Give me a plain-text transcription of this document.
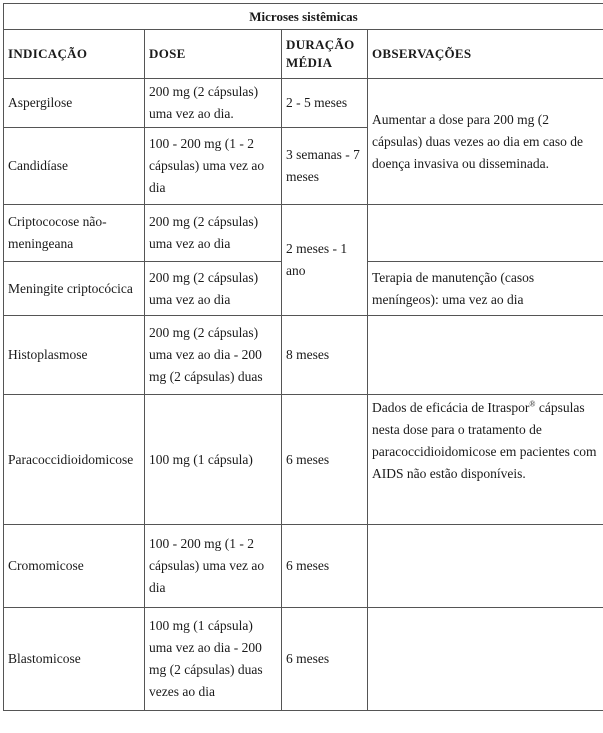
Microses sistêmicas			
INDICAÇÃO	DOSE	DURAÇÃO MÉDIA	OBSERVAÇÕES
Aspergilose	200 mg (2 cápsulas) uma vez ao dia.	2 - 5 meses	Aumentar a dose para 200 mg (2 cápsulas) duas vezes ao dia em caso de doença invasiva ou disseminada.
Candidíase	100 - 200 mg (1 - 2 cápsulas) uma vez ao dia	3 semanas - 7 meses	
Criptococose não-meningeana	200 mg (2 cápsulas) uma vez ao dia	2 meses - 1 ano	
Meningite criptocócica	200 mg (2 cápsulas) uma vez ao dia		Terapia de manutenção (casos meníngeos): uma vez ao dia
Histoplasmose	200 mg (2 cápsulas) uma vez ao dia - 200 mg (2 cápsulas) duas	8 meses	
Paracoccidioidomicose	100 mg (1 cápsula)	6 meses	Dados de eficácia de Itraspor® cápsulas nesta dose para o tratamento de paracoccidioidomicose em pacientes com AIDS não estão disponíveis.
Cromomicose	100 - 200 mg (1 - 2 cápsulas) uma vez ao dia	6 meses	
Blastomicose	100 mg (1 cápsula) uma vez ao dia - 200 mg (2 cápsulas) duas vezes ao dia	6 meses	
